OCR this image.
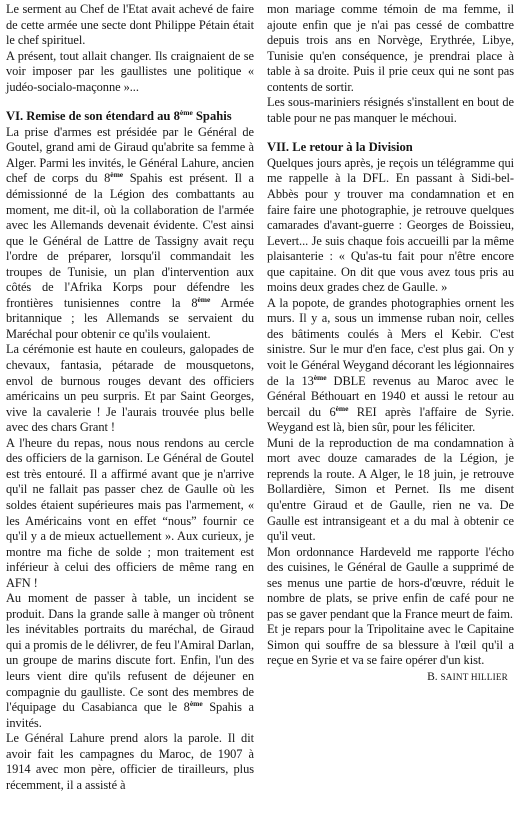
Le serment au Chef de l'Etat avait achevé de faire de cette armée une secte dont Philippe Pétain était le chef spirituel.

A présent, tout allait changer. Ils craignaient de se voir imposer par les gaullistes une politique « judéo-socialo-maçonne »...

VI. Remise de son étendard au 8ème Spahis

La prise d'armes est présidée par le Général de Goutel, grand ami de Giraud qu'abrite sa femme à Alger. Parmi les invités, le Général Lahure, ancien chef de corps du 8ème Spahis est présent. Il a démissionné de la Légion des combattants au moment, me dit-il, où la collaboration de l'armée avec les Allemands devenait évidente. C'est ainsi que le Général de Lattre de Tassigny avait reçu l'ordre de préparer, lorsqu'il commandait les troupes de Tunisie, un plan d'intervention aux côtés de l'Afrika Korps pour défendre les frontières tunisiennes contre la 8ème Armée britannique ; les Allemands se servaient du Maréchal pour obtenir ce qu'ils voulaient.

La cérémonie est haute en couleurs, galopades de chevaux, fantasia, pétarade de mousquetons, envol de burnous rouges devant des officiers américains un peu surpris. Et par Saint Georges, vive la cavalerie ! Je l'aurais trouvée plus belle avec des chars Grant !

A l'heure du repas, nous nous rendons au cercle des officiers de la garnison. Le Général de Goutel est très entouré. Il a affirmé avant que je n'arrive qu'il ne fallait pas passer chez de Gaulle où les soldes étaient supérieures mais pas l'armement, « les Américains vont en effet “nous” fournir ce qu'il y a de mieux actuellement ». Aux curieux, je montre ma fiche de solde ; mon traitement est inférieur à celui des officiers de même rang en AFN !

Au moment de passer à table, un incident se produit. Dans la grande salle à manger où trônent les inévitables portraits du maréchal, de Giraud qui a promis de le délivrer, de feu l'Amiral Darlan, un groupe de marins discute fort. Enfin, l'un des leurs vient dire qu'ils refusent de déjeuner en compagnie du gaulliste. Ce sont des membres de l'équipage du Casabianca que le 8ème Spahis a invités.

Le Général Lahure prend alors la parole. Il dit avoir fait les campagnes du Maroc, de 1907 à 1914 avec mon père, officier de tirailleurs, plus récemment, il a assisté à

mon mariage comme témoin de ma femme, il ajoute enfin que je n'ai pas cessé de combattre depuis trois ans en Norvège, Erythrée, Libye, Tunisie qu'en conséquence, je prendrai place à table à sa droite. Puis il prie ceux qui ne sont pas contents de sortir.

Les sous-mariniers résignés s'installent en bout de table pour ne pas manquer le méchoui.

VII. Le retour à la Division

Quelques jours après, je reçois un télégramme qui me rappelle à la DFL. En passant à Sidi-bel-Abbès pour y trouver ma condamnation et en faire faire une photographie, je retrouve quelques camarades d'avant-guerre : Georges de Boissieu, Levert... Je suis chaque fois accueilli par la même plaisanterie : « Qu'as-tu fait pour n'être encore que capitaine. On dit que vous avez tous pris au moins deux grades chez de Gaulle. »

A la popote, de grandes photographies ornent les murs. Il y a, sous un immense ruban noir, celles des bâtiments coulés à Mers el Kebir. C'est sinistre. Sur le mur d'en face, c'est plus gai. On y voit le Général Weygand décorant les légionnaires de la 13ème DBLE revenus au Maroc avec le Général Béthouart en 1940 et aussi le retour au bercail du 6ème REI après l'affaire de Syrie. Weygand est là, bien sûr, pour les féliciter.

Muni de la reproduction de ma condamnation à mort avec douze camarades de la Légion, je reprends la route. A Alger, le 18 juin, je retrouve Bollardière, Simon et Pernet. Ils me disent qu'entre Giraud et de Gaulle, rien ne va. De Gaulle est intransigeant et a du mal à obtenir ce qu'il veut.

Mon ordonnance Hardeveld me rapporte l'écho des cuisines, le Général de Gaulle a supprimé de ses menus une partie de hors-d'œuvre, réduit le nombre de plats, se prive enfin de café pour ne pas se gaver pendant que la France meurt de faim.

Et je repars pour la Tripolitaine avec le Capitaine Simon qui souffre de sa blessure à l'œil qu'il a reçue en Syrie et va se faire opérer d'un kist.

B. SAINT HILLIER
